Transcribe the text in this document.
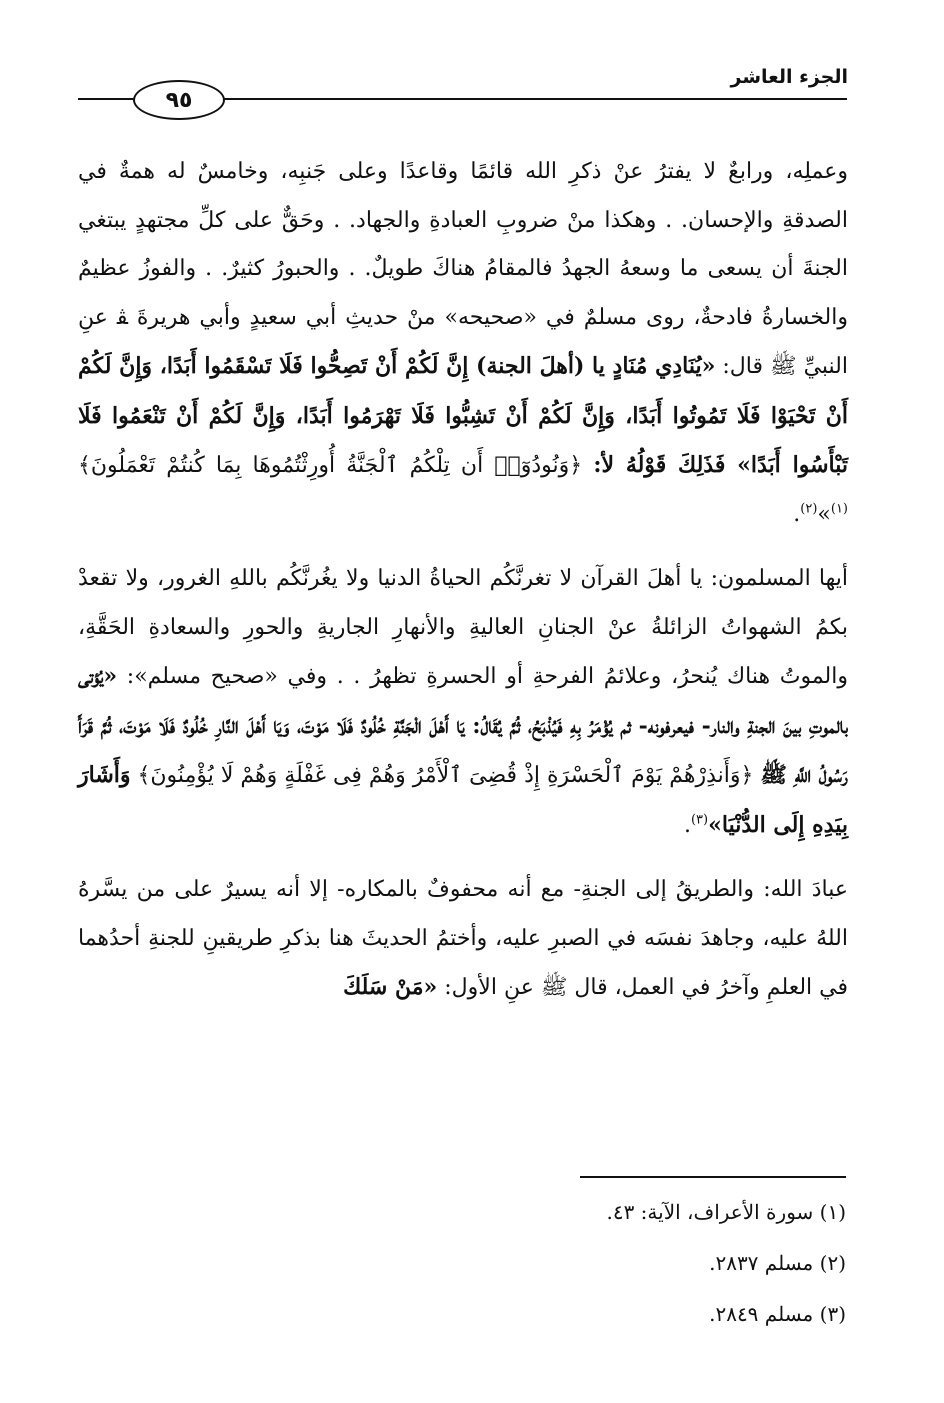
الجزء العاشر
٩٥

وعملِه، ورابعٌ لا يفترُ عنْ ذكرِ الله قائمًا وقاعدًا وعلى جَنبِه، وخامسٌ له همةٌ في الصدقةِ والإحسان. . وهكذا منْ ضروبِ العبادةِ والجهاد. . وحَقٌّ على كلِّ مجتهدٍ يبتغي الجنةَ أن يسعى ما وسعهُ الجهدُ فالمقامُ هناكَ طويلٌ. . والحبورُ كثيرٌ. . والفوزُ عظيمٌ والخسارةُ فادحةٌ، روى مسلمٌ في «صحيحه» منْ حديثِ أبي سعيدٍ وأبي هريرةَ ﭭ عنِ النبيِّ ﷺ قال: «يُنَادِي مُنَادٍ يا (أهلَ الجنة) إِنَّ لَكُمْ أَنْ تَصِحُّوا فَلَا تَسْقَمُوا أَبَدًا، وَإِنَّ لَكُمْ أَنْ تَحْيَوْا فَلَا تَمُوتُوا أَبَدًا، وَإِنَّ لَكُمْ أَنْ تَشِبُّوا فَلَا تَهْرَمُوا أَبَدًا، وَإِنَّ لَكُمْ أَنْ تَنْعَمُوا فَلَا تَبْأَسُوا أَبَدًا» فَذَلِكَ قَوْلُهُ ﻷ: ﴿وَنُودُوٓا۟ أَن تِلْكُمُ ٱلْجَنَّةُ أُورِثْتُمُوهَا بِمَا كُنتُمْ تَعْمَلُونَ﴾$^{(١)}$»$^{(٢)}$.

أيها المسلمون: يا أهلَ القرآن لا تغرنَّكُم الحياةُ الدنيا ولا يغُرنَّكُم باللهِ الغرور، ولا تقعدْ بكمُ الشهواتُ الزائلةُ عنْ الجنانِ العاليةِ والأنهارِ الجاريةِ والحورِ والسعادةِ الحَقَّةِ، والموتُ هناك يُنحرُ، وعلائمُ الفرحةِ أو الحسرةِ تظهرُ . . وفي «صحيح مسلم»: «يُؤتى بالموتِ بينَ الجنةِ والنار- فيعرفونه- ثم يُؤْمَرُ بِهِ فَيُذْبَحُ، ثُمَّ يُقَالُ: يَا أَهْلَ الْجَنَّةِ خُلُودٌ فَلَا مَوْتَ، وَيَا أَهْلَ النَّارِ خُلُودٌ فَلَا مَوْتَ، ثُمَّ قَرَأَ رَسُولُ اللَّهِ ﷺ ﴿وَأَنذِرْهُمْ يَوْمَ ٱلْحَسْرَةِ إِذْ قُضِىَ ٱلْأَمْرُ وَهُمْ فِى غَفْلَةٍ وَهُمْ لَا يُؤْمِنُونَ﴾ وَأَشَارَ بِيَدِهِ إِلَى الدُّنْيَا»$^{(٣)}$.

عبادَ الله: والطريقُ إلى الجنةِ- مع أنه محفوفٌ بالمكاره- إلا أنه يسيرٌ على من يسَّرهُ اللهُ عليه، وجاهدَ نفسَه في الصبرِ عليه، وأختمُ الحديثَ هنا بذكرِ طريقينِ للجنةِ أحدُهما في العلمِ وآخرُ في العمل، قال ﷺ عنِ الأول: «مَنْ سَلَكَ

(١) سورة الأعراف، الآية: ٤٣.

(٢) مسلم ٢٨٣٧.

(٣) مسلم ٢٨٤٩.
